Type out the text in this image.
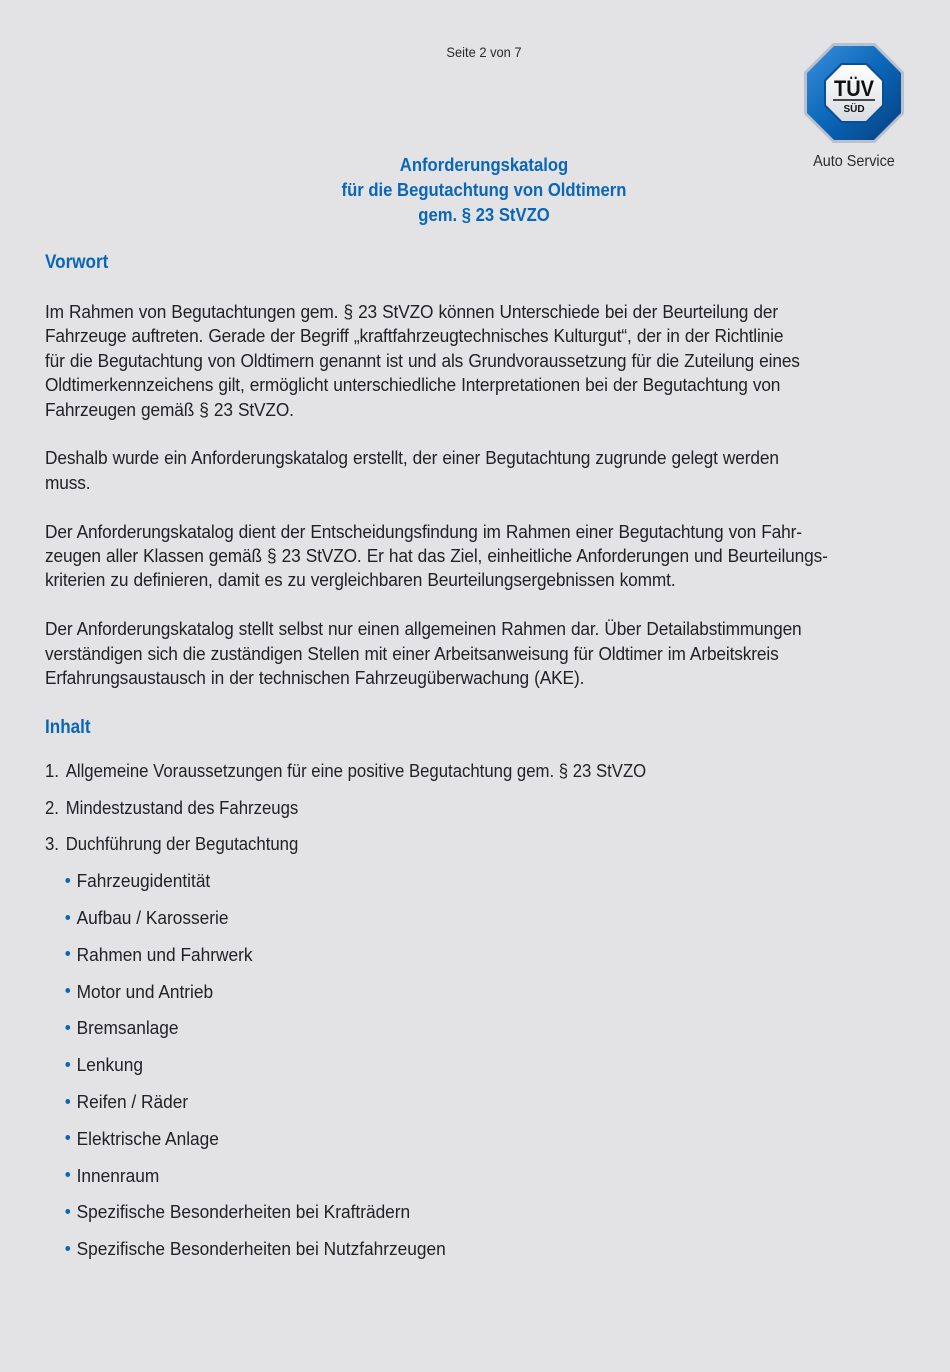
Seite 2 von 7
TÜV
SÜD
Auto Service
Anforderungskatalog
für die Begutachtung von Oldtimern
gem. § 23 StVZO
Vorwort

Im Rahmen von Begutachtungen gem. § 23 StVZO können Unterschiede bei der Beurteilung der
Fahrzeuge auftreten. Gerade der Begriff „kraftfahrzeugtechnisches Kulturgut“, der in der Richtlinie
für die Begutachtung von Oldtimern genannt ist und als Grundvoraussetzung für die Zuteilung eines
Oldtimerkennzeichens gilt, ermöglicht unterschiedliche Interpretationen bei der Begutachtung von
Fahrzeugen gemäß § 23 StVZO.

Deshalb wurde ein Anforderungskatalog erstellt, der einer Begutachtung zugrunde gelegt werden
muss.

Der Anforderungskatalog dient der Entscheidungsfindung im Rahmen einer Begutachtung von Fahr-
zeugen aller Klassen gemäß § 23 StVZO. Er hat das Ziel, einheitliche Anforderungen und Beurteilungs-
kriterien zu definieren, damit es zu vergleichbaren Beurteilungsergebnissen kommt.

Der Anforderungskatalog stellt selbst nur einen allgemeinen Rahmen dar. Über Detailabstimmungen
verständigen sich die zuständigen Stellen mit einer Arbeitsanweisung für Oldtimer im Arbeitskreis
Erfahrungsaustausch in der technischen Fahrzeugüberwachung (AKE).

Inhalt
1. Allgemeine Voraussetzungen für eine positive Begutachtung gem. § 23 StVZO
2. Mindestzustand des Fahrzeugs
3. Duchführung der Begutachtung
Fahrzeugidentität
Aufbau / Karosserie
Rahmen und Fahrwerk
Motor und Antrieb
Bremsanlage
Lenkung
Reifen / Räder
Elektrische Anlage
Innenraum
Spezifische Besonderheiten bei Krafträdern
Spezifische Besonderheiten bei Nutzfahrzeugen
